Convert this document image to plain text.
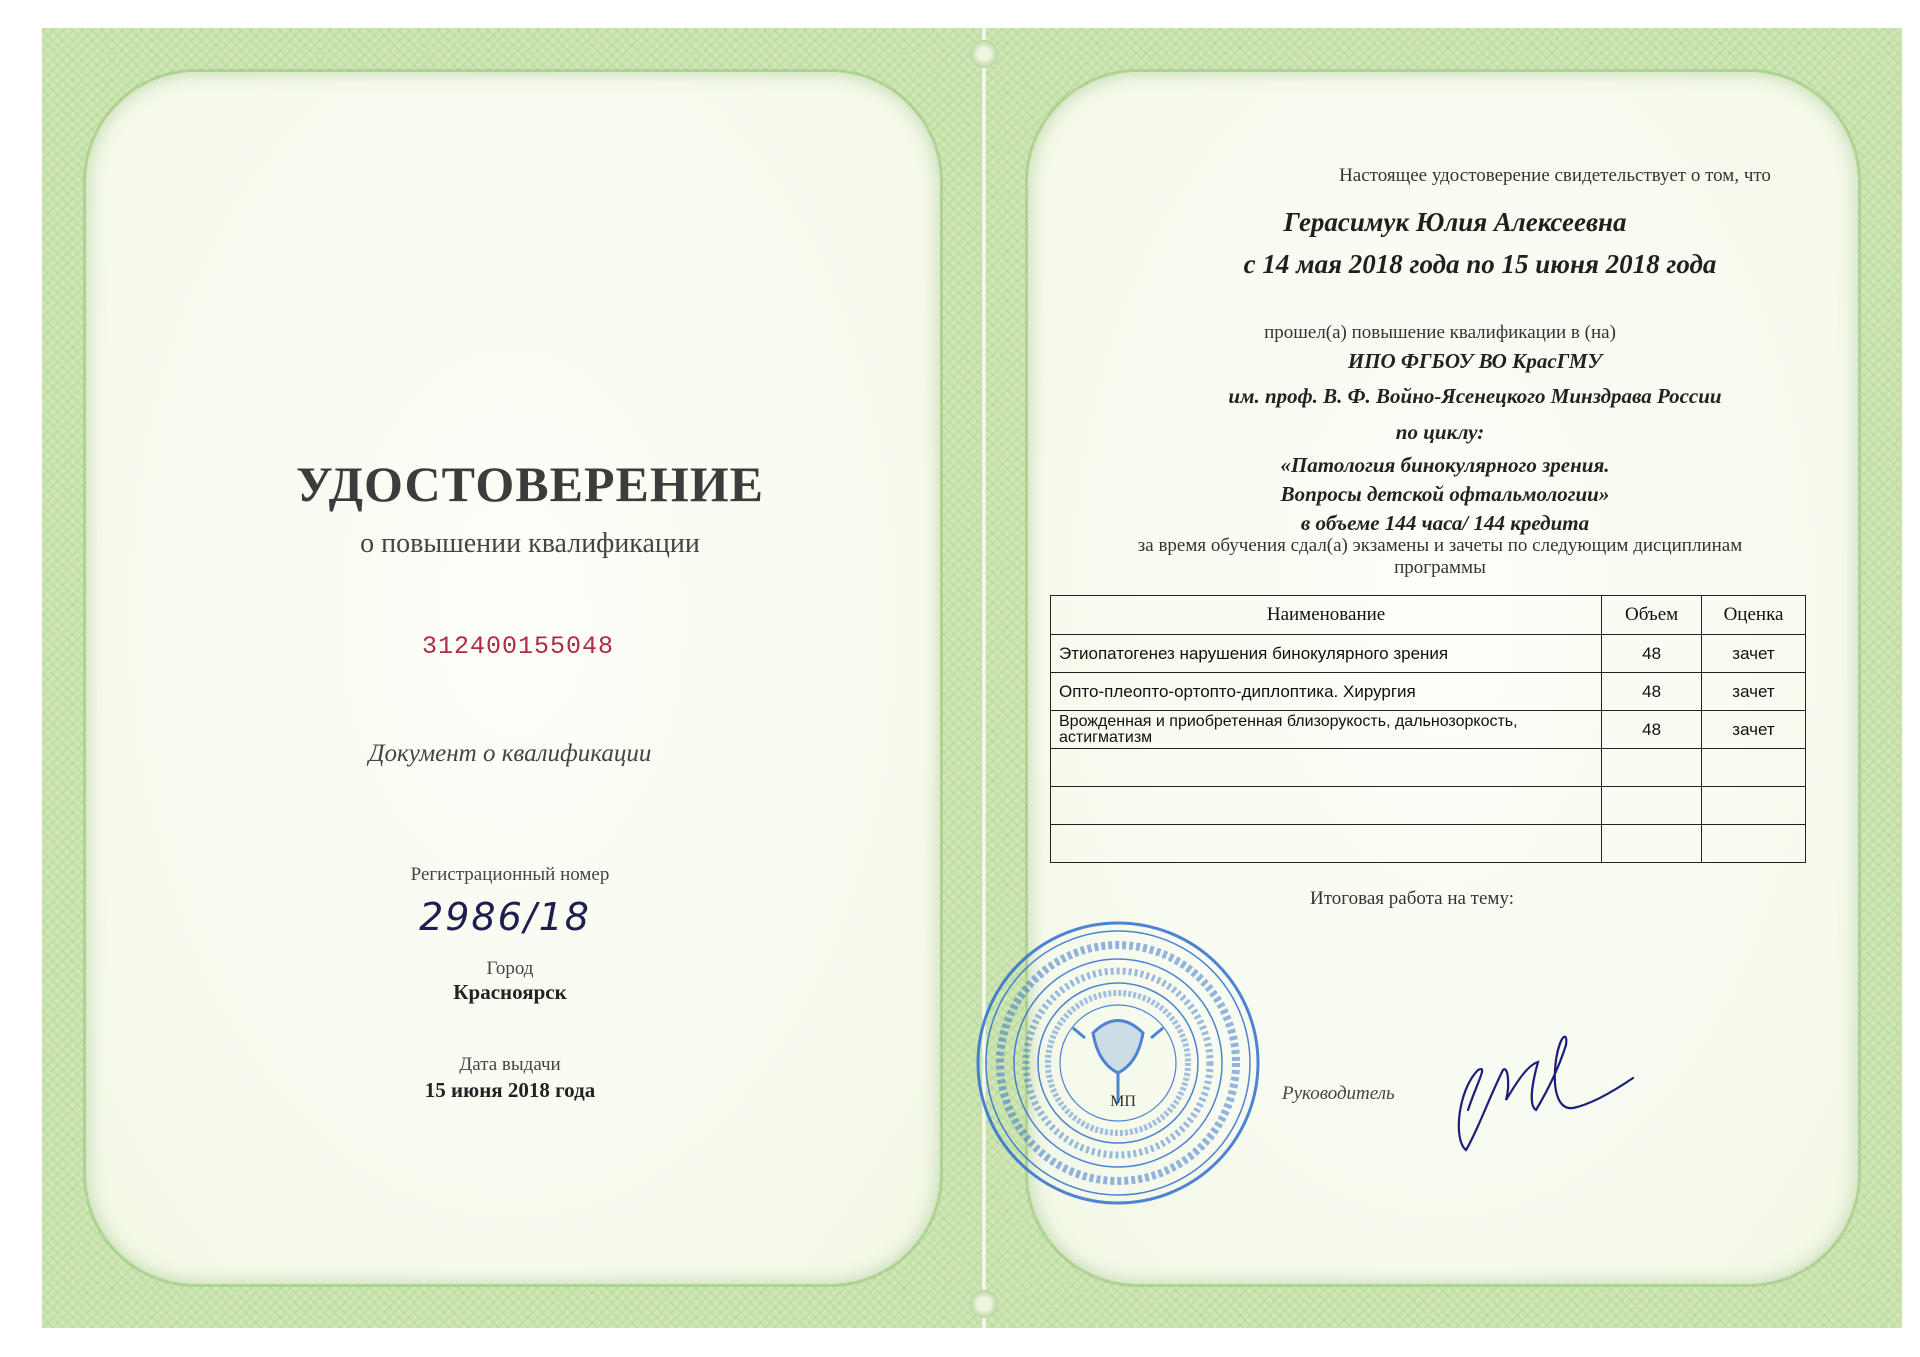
УДОСТОВЕРЕНИЕ
о повышении квалификации
312400155048
Документ о квалификации
Регистрационный номер
2986/18
Город
Красноярск
Дата выдачи
15 июня 2018 года
Настоящее удостоверение свидетельствует о том, что
Герасимук Юлия Алексеевна
с 14 мая 2018 года по 15 июня 2018 года
прошел(а) повышение квалификации в (на)
ИПО ФГБОУ ВО КрасГМУ
им. проф. В. Ф. Войно-Ясенецкого Минздрава России
по циклу:
«Патология бинокулярного зрения.
Вопросы детской офтальмологии»
в объеме 144 часа/ 144 кредита
за время обучения сдал(а) экзамены и зачеты по следующим дисциплинам
программы
Наименование	Объем	Оценка
Этиопатогенез нарушения бинокулярного зрения	48	зачет
Опто-плеопто-ортопто-диплоптика. Хирургия	48	зачет
Врожденная и приобретенная близорукость, дальнозоркость, астигматизм	48	зачет

Итоговая работа на тему:
Руководитель
МП
